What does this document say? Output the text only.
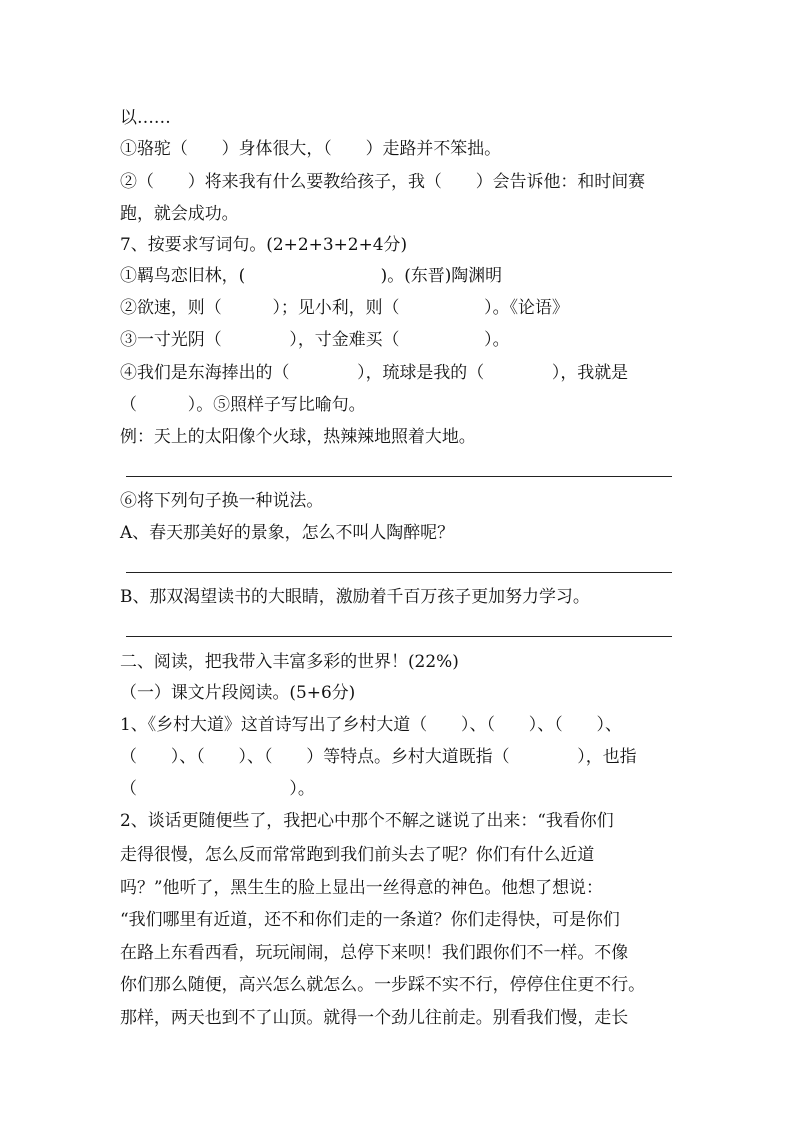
以……
①骆驼（　　）身体很大，（　　）走路并不笨拙。
②（　　）将来我有什么要教给孩子，我（　　）会告诉他：和时间赛
跑，就会成功。
7、按要求写词句。(2+2+3+2+4分)
①羁鸟恋旧林，(　　　　　　　　)。(东晋)陶渊明
②欲速，则（　　　）；见小利，则（　　　　　）。《论语》
③一寸光阴（　　　　），寸金难买（　　　　　）。
④我们是东海捧出的（　　　　），琉球是我的（　　　　），我就是
（　　　）。⑤照样子写比喻句。
例：天上的太阳像个火球，热辣辣地照着大地。
⑥将下列句子换一种说法。
A、春天那美好的景象，怎么不叫人陶醉呢？
B、那双渴望读书的大眼睛，激励着千百万孩子更加努力学习。
二、阅读，把我带入丰富多彩的世界！(22%)
（一）课文片段阅读。(5+6分)
1、《乡村大道》这首诗写出了乡村大道（　　）、（　　）、（　　）、
（　　）、（　　）、（　　）等特点。乡村大道既指（　　　　），也指
（　　　　　　　　　）。
2、谈话更随便些了，我把心中那个不解之谜说了出来：“我看你们
走得很慢，怎么反而常常跑到我们前头去了呢？你们有什么近道
吗？”他听了，黑生生的脸上显出一丝得意的神色。他想了想说：
“我们哪里有近道，还不和你们走的一条道？你们走得快，可是你们
在路上东看西看，玩玩闹闹，总停下来呗！我们跟你们不一样。不像
你们那么随便，高兴怎么就怎么。一步踩不实不行，停停住住更不行。
那样，两天也到不了山顶。就得一个劲儿往前走。别看我们慢，走长
